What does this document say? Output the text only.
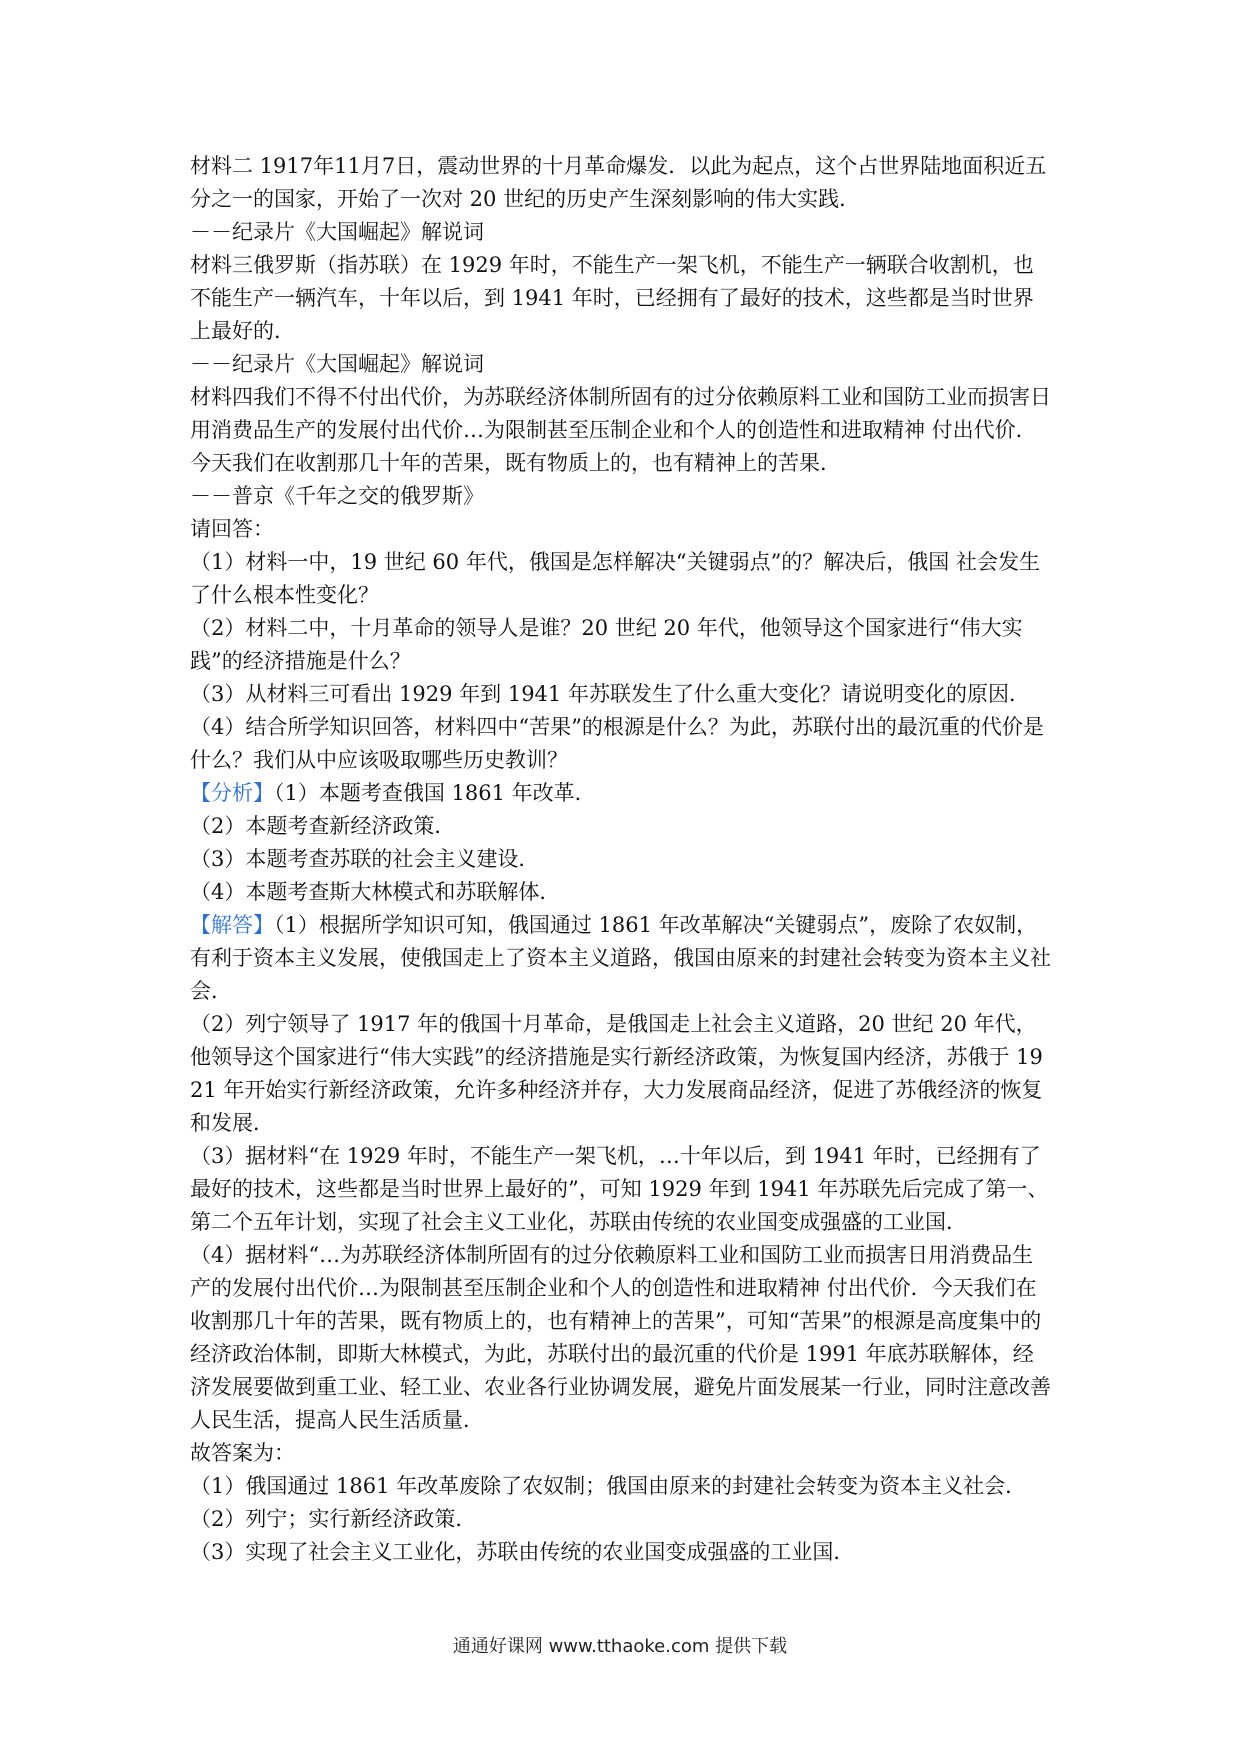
材料二 1917年11月7日，震动世界的十月革命爆发．以此为起点，这个占世界陆地面积近五分之一的国家，开始了一次对 20 世纪的历史产生深刻影响的伟大实践．

－－纪录片《大国崛起》解说词

材料三俄罗斯（指苏联）在 1929 年时，不能生产一架飞机，不能生产一辆联合收割机，也不能生产一辆汽车，十年以后，到 1941 年时，已经拥有了最好的技术，这些都是当时世界上最好的．

－－纪录片《大国崛起》解说词

材料四我们不得不付出代价，为苏联经济体制所固有的过分依赖原料工业和国防工业而损害日用消费品生产的发展付出代价…为限制甚至压制企业和个人的创造性和进取精神 付出代价．今天我们在收割那几十年的苦果，既有物质上的，也有精神上的苦果．

－－普京《千年之交的俄罗斯》

请回答：

（1）材料一中，19 世纪 60 年代，俄国是怎样解决“关键弱点”的？解决后，俄国 社会发生了什么根本性变化？

（2）材料二中，十月革命的领导人是谁？20 世纪 20 年代，他领导这个国家进行“伟大实践”的经济措施是什么？

（3）从材料三可看出 1929 年到 1941 年苏联发生了什么重大变化？请说明变化的原因．

（4）结合所学知识回答，材料四中“苦果”的根源是什么？为此，苏联付出的最沉重的代价是什么？我们从中应该吸取哪些历史教训？

【分析】（1）本题考查俄国 1861 年改革．

（2）本题考查新经济政策．

（3）本题考查苏联的社会主义建设．

（4）本题考查斯大林模式和苏联解体．

【解答】（1）根据所学知识可知，俄国通过 1861 年改革解决“关键弱点”，废除了农奴制，有利于资本主义发展，使俄国走上了资本主义道路，俄国由原来的封建社会转变为资本主义社会．

（2）列宁领导了 1917 年的俄国十月革命，是俄国走上社会主义道路，20 世纪 20 年代，他领导这个国家进行“伟大实践”的经济措施是实行新经济政策，为恢复国内经济，苏俄于 1921 年开始实行新经济政策，允许多种经济并存，大力发展商品经济，促进了苏俄经济的恢复和发展．

（3）据材料“在 1929 年时，不能生产一架飞机，…十年以后，到 1941 年时，已经拥有了最好的技术，这些都是当时世界上最好的”，可知 1929 年到 1941 年苏联先后完成了第一、第二个五年计划，实现了社会主义工业化，苏联由传统的农业国变成强盛的工业国．

（4）据材料“…为苏联经济体制所固有的过分依赖原料工业和国防工业而损害日用消费品生产的发展付出代价…为限制甚至压制企业和个人的创造性和进取精神 付出代价．今天我们在收割那几十年的苦果，既有物质上的，也有精神上的苦果”，可知“苦果”的根源是高度集中的经济政治体制，即斯大林模式，为此，苏联付出的最沉重的代价是 1991 年底苏联解体，经济发展要做到重工业、轻工业、农业各行业协调发展，避免片面发展某一行业，同时注意改善人民生活，提高人民生活质量．

故答案为：

（1）俄国通过 1861 年改革废除了农奴制；俄国由原来的封建社会转变为资本主义社会．

（2）列宁；实行新经济政策．

（3）实现了社会主义工业化，苏联由传统的农业国变成强盛的工业国．

通通好课网 www.tthaoke.com 提供下载
